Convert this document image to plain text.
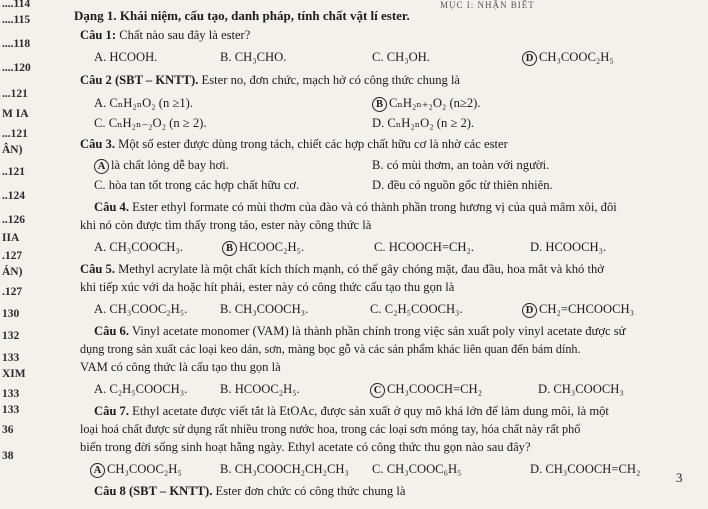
MỤC I: NHẬN BIẾT
....114
....115
....118
....120
...121
M IA
...121
ÂN)
..121
..124
..126
IIA
.127
ÁN)
.127
130
132
133
XIM
133
133
36
38
Dạng 1. Khái niệm, cấu tạo, danh pháp, tính chất vật lí ester.
Câu 1: Chất nào sau đây là ester?
A. HCOOH.	B. CH₃CHO.	C. CH₃OH.	D CH₃COOC₂H₅
Câu 2 (SBT – KNTT). Ester no, đơn chức, mạch hở có công thức chung là
A. CₙH₂ₙO₂ (n ≥1).	B CₙH₂ₙ₊₂O₂ (n≥2).
C. CₙH₂ₙ₋₂O₂ (n ≥ 2).	D. CₙH₂ₙO₂ (n ≥ 2).
Câu 3. Một số ester được dùng trong tách, chiết các hợp chất hữu cơ là nhờ các ester
A là chất lỏng dễ bay hơi.	B. có mùi thơm, an toàn với người.
C. hòa tan tốt trong các hợp chất hữu cơ.	D. đều có nguồn gốc từ thiên nhiên.
Câu 4. Ester ethyl formate có mùi thơm của đào và có thành phần trong hương vị của quả mâm xôi, đôi
khi nó còn được tìm thấy trong táo, ester này công thức là
A. CH₃COOCH₃.	B HCOOC₂H₅.	C. HCOOCH=CH₂.	D. HCOOCH₃.
Câu 5. Methyl acrylate là một chất kích thích mạnh, có thể gây chóng mặt, đau đầu, hoa mắt và khó thở
khi tiếp xúc với da hoặc hít phải, ester này có công thức cấu tạo thu gọn là
A. CH₃COOC₂H₅.	B. CH₃COOCH₃.	C. C₂H₅COOCH₃.	D CH₂=CHCOOCH₃
Câu 6. Vinyl acetate monomer (VAM) là thành phần chính trong việc sản xuất poly vinyl acetate được sử
dụng trong sản xuất các loại keo dán, sơn, màng bọc gỗ và các sản phẩm khác liên quan đến bám dính.
VAM có công thức là cấu tạo thu gọn là
A. C₂H₅COOCH₃.	B. HCOOC₂H₅.	C CH₃COOCH=CH₂	D. CH₃COOCH₃
Câu 7. Ethyl acetate được viết tắt là EtOAc, được sản xuất ở quy mô khá lớn để làm dung môi, là một
loại hoá chất được sử dụng rất nhiều trong nước hoa, trong các loại sơn móng tay, hóa chất này rất phổ
biến trong đời sống sinh hoạt hằng ngày. Ethyl acetate có công thức thu gọn nào sau đây?
A CH₃COOC₂H₅	B. CH₃COOCH₂CH₂CH₃ C. CH₃COOC₆H₅	D. CH₃COOCH=CH₂
Câu 8 (SBT – KNTT). Ester đơn chức có công thức chung là
3
